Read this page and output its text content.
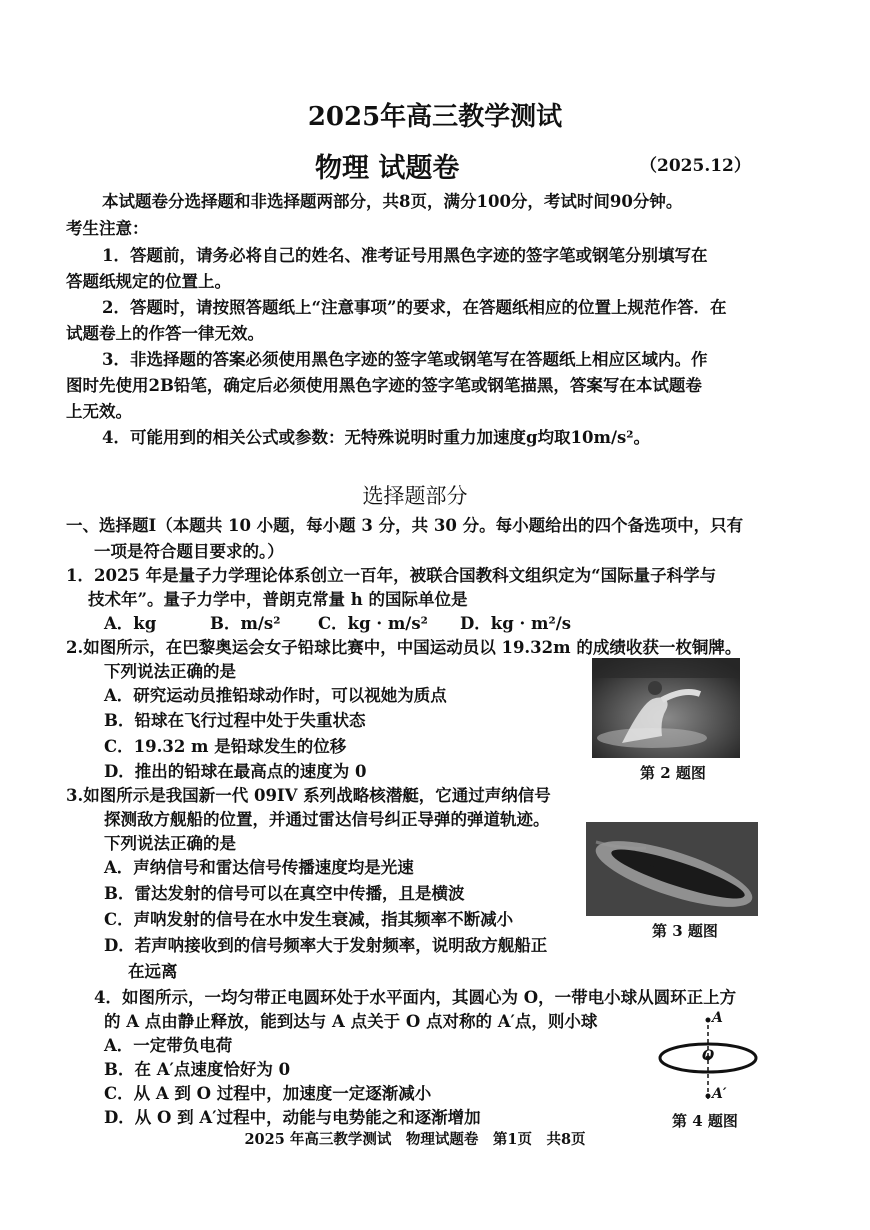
2025年高三教学测试
物理 试题卷	（2025.12）
本试题卷分选择题和非选择题两部分，共8页，满分100分，考试时间90分钟。
考生注意：
1．答题前，请务必将自己的姓名、准考证号用黑色字迹的签字笔或钢笔分别填写在
答题纸规定的位置上。
2．答题时，请按照答题纸上“注意事项”的要求，在答题纸相应的位置上规范作答．在
试题卷上的作答一律无效。
3．非选择题的答案必须使用黑色字迹的签字笔或钢笔写在答题纸上相应区域内。作
图时先使用2B铅笔，确定后必须使用黑色字迹的签字笔或钢笔描黑，答案写在本试题卷
上无效。
4．可能用到的相关公式或参数：无特殊说明时重力加速度g均取10m/s²。
选择题部分
一、选择题Ⅰ（本题共 10 小题，每小题 3 分，共 30 分。每小题给出的四个备选项中，只有
一项是符合题目要求的。）
1．2025 年是量子力学理论体系创立一百年，被联合国教科文组织定为“国际量子科学与
技术年”。量子力学中，普朗克常量 h 的国际单位是
A．kg	B．m/s² C．kg · m/s² D．kg · m²/s
2.如图所示，在巴黎奥运会女子铅球比赛中，中国运动员以 19.32m 的成绩收获一枚铜牌。
下列说法正确的是
A．研究运动员推铅球动作时，可以视她为质点
B．铅球在飞行过程中处于失重状态
C．19.32 m 是铅球发生的位移
D．推出的铅球在最高点的速度为 0	第 2 题图
3.如图所示是我国新一代 09IV 系列战略核潜艇，它通过声纳信号
探测敌方舰船的位置，并通过雷达信号纠正导弹的弹道轨迹。
下列说法正确的是
A．声纳信号和雷达信号传播速度均是光速
B．雷达发射的信号可以在真空中传播，且是横波
C．声呐发射的信号在水中发生衰减，指其频率不断减小
D．若声呐接收到的信号频率大于发射频率，说明敌方舰船正
在远离
第 3 题图
4．如图所示，一均匀带正电圆环处于水平面内，其圆心为 O，一带电小球从圆环正上方
的 A 点由静止释放，能到达与 A 点关于 O 点对称的 A′点，则小球
A．一定带负电荷
B．在 A′点速度恰好为 0
C．从 A 到 O 过程中，加速度一定逐渐减小
D．从 O 到 A′过程中，动能与电势能之和逐渐增加
A
O
A′
第 4 题图
2025 年高三教学测试　物理试题卷　第1页　共8页
